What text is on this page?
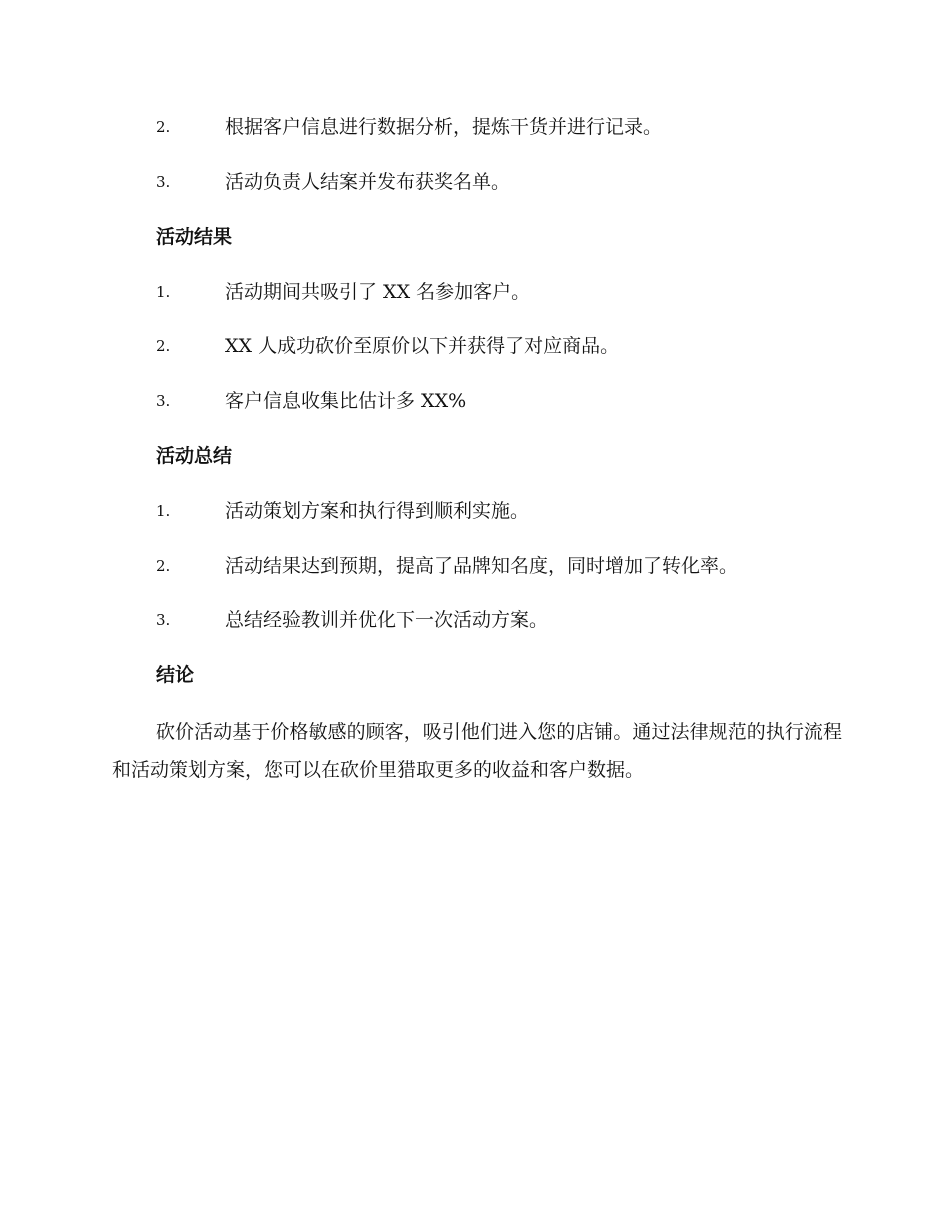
2.	根据客户信息进行数据分析，提炼干货并进行记录。
3.	活动负责人结案并发布获奖名单。
活动结果
1.	活动期间共吸引了 XX 名参加客户。
2.	XX 人成功砍价至原价以下并获得了对应商品。
3.	客户信息收集比估计多 XX%
活动总结
1.	活动策划方案和执行得到顺利实施。
2.	活动结果达到预期，提高了品牌知名度，同时增加了转化率。
3.	总结经验教训并优化下一次活动方案。
结论

砍价活动基于价格敏感的顾客，吸引他们进入您的店铺。通过法律规范的执行流程和活动策划方案，您可以在砍价里猎取更多的收益和客户数据。
